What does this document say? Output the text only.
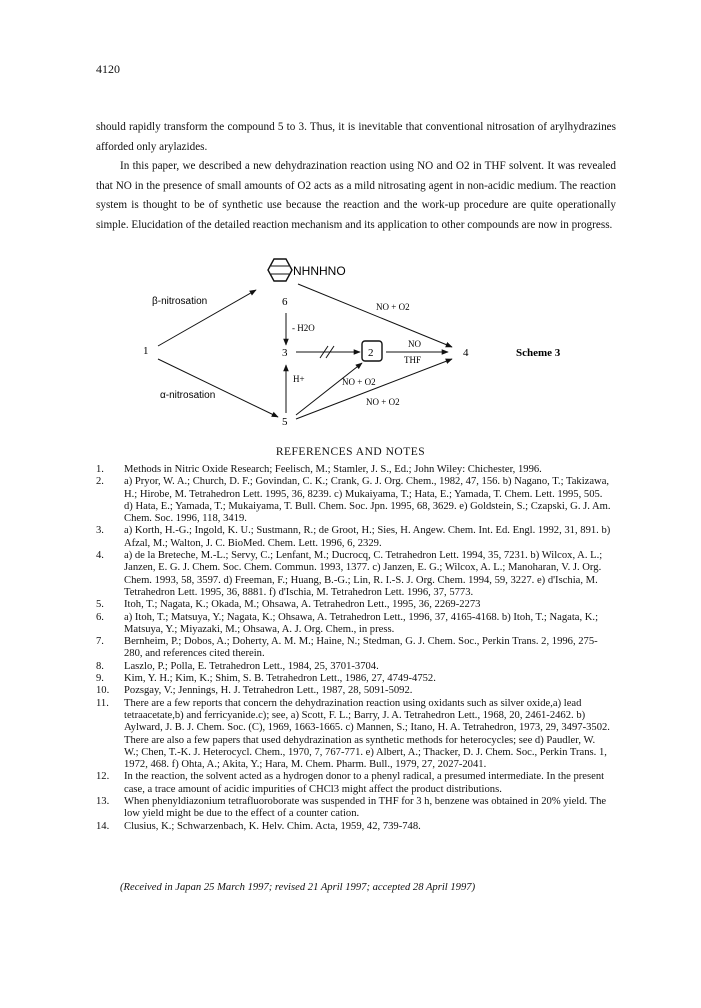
4120

should rapidly transform the compound 5 to 3. Thus, it is inevitable that conventional nitrosation of arylhydrazines afforded only arylazides.

In this paper, we described a new dehydrazination reaction using NO and O2 in THF solvent. It was revealed that NO in the presence of small amounts of O2 acts as a mild nitrosating agent in non-acidic medium. The reaction system is thought to be of synthetic use because the reaction and the work-up procedure are quite operationally simple. Elucidation of the detailed reaction mechanism and its application to other compounds are now in progress.

NHNHNO
6
β-nitrosation	NO + O2
1
- H2O
3	2
NO
THF
4	Scheme 3
α-nitrosation
H+
5
NO + O2
NO + O2
REFERENCES AND NOTES
1. Methods in Nitric Oxide Research; Feelisch, M.; Stamler, J. S., Ed.; John Wiley: Chichester, 1996.
2. a) Pryor, W. A.; Church, D. F.; Govindan, C. K.; Crank, G. J. Org. Chem., 1982, 47, 156. b) Nagano, T.; Takizawa, H.; Hirobe, M. Tetrahedron Lett. 1995, 36, 8239. c) Mukaiyama, T.; Hata, E.; Yamada, T. Chem. Lett. 1995, 505. d) Hata, E.; Yamada, T.; Mukaiyama, T. Bull. Chem. Soc. Jpn. 1995, 68, 3629. e) Goldstein, S.; Czapski, G. J. Am. Chem. Soc. 1996, 118, 3419.
3. a) Korth, H.-G.; Ingold, K. U.; Sustmann, R.; de Groot, H.; Sies, H. Angew. Chem. Int. Ed. Engl. 1992, 31, 891. b) Afzal, M.; Walton, J. C. BioMed. Chem. Lett. 1996, 6, 2329.
4. a) de la Breteche, M.-L.; Servy, C.; Lenfant, M.; Ducrocq, C. Tetrahedron Lett. 1994, 35, 7231. b) Wilcox, A. L.; Janzen, E. G. J. Chem. Soc. Chem. Commun. 1993, 1377. c) Janzen, E. G.; Wilcox, A. L.; Manoharan, V. J. Org. Chem. 1993, 58, 3597. d) Freeman, F.; Huang, B.-G.; Lin, R. I.-S. J. Org. Chem. 1994, 59, 3227. e) d'Ischia, M. Tetrahedron Lett. 1995, 36, 8881. f) d'Ischia, M. Tetrahedron Lett. 1996, 37, 5773.
5. Itoh, T.; Nagata, K.; Okada, M.; Ohsawa, A. Tetrahedron Lett., 1995, 36, 2269-2273
6. a) Itoh, T.; Matsuya, Y.; Nagata, K.; Ohsawa, A. Tetrahedron Lett., 1996, 37, 4165-4168. b) Itoh, T.; Nagata, K.; Matsuya, Y.; Miyazaki, M.; Ohsawa, A. J. Org. Chem., in press.
7. Bernheim, P.; Dobos, A.; Doherty, A. M. M.; Haine, N.; Stedman, G. J. Chem. Soc., Perkin Trans. 2, 1996, 275-280, and references cited therein.
8. Laszlo, P.; Polla, E. Tetrahedron Lett., 1984, 25, 3701-3704.
9. Kim, Y. H.; Kim, K.; Shim, S. B. Tetrahedron Lett., 1986, 27, 4749-4752.
10. Pozsgay, V.; Jennings, H. J. Tetrahedron Lett., 1987, 28, 5091-5092.
11. There are a few reports that concern the dehydrazination reaction using oxidants such as silver oxide,a) lead tetraacetate,b) and ferricyanide.c); see, a) Scott, F. L.; Barry, J. A. Tetrahedron Lett., 1968, 20, 2461-2462. b) Aylward, J. B. J. Chem. Soc. (C), 1969, 1663-1665. c) Mannen, S.; Itano, H. A. Tetrahedron, 1973, 29, 3497-3502. There are also a few papers that used dehydrazination as synthetic methods for heterocycles; see d) Paudler, W. W.; Chen, T.-K. J. Heterocycl. Chem., 1970, 7, 767-771. e) Albert, A.; Thacker, D. J. Chem. Soc., Perkin Trans. 1, 1972, 468. f) Ohta, A.; Akita, Y.; Hara, M. Chem. Pharm. Bull., 1979, 27, 2027-2041.
12. In the reaction, the solvent acted as a hydrogen donor to a phenyl radical, a presumed intermediate. In the present case, a trace amount of acidic impurities of CHCl3 might affect the product distributions.
13. When phenyldiazonium tetrafluoroborate was suspended in THF for 3 h, benzene was obtained in 20% yield. The low yield might be due to the effect of a counter cation.
14. Clusius, K.; Schwarzenbach, K. Helv. Chim. Acta, 1959, 42, 739-748.
(Received in Japan 25 March 1997; revised 21 April 1997; accepted 28 April 1997)
